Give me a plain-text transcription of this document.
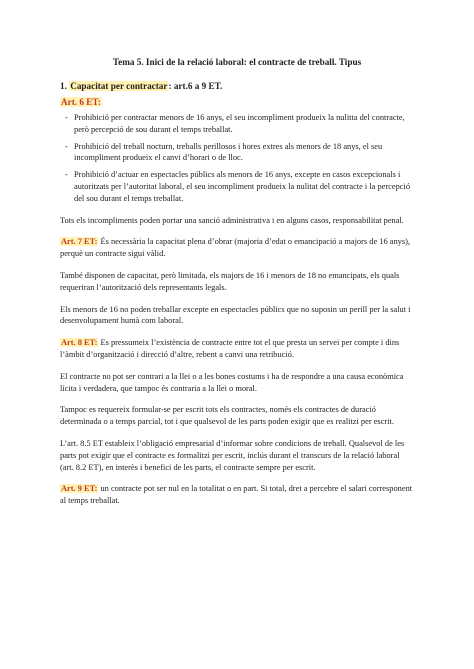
Tema 5. Inici de la relació laboral: el contracte de treball. Tipus

1. Capacitat per contractar: art.6 a 9 ET.

Art. 6 ET:

- Prohibició per contractar menors de 16 anys, el seu incompliment produeix la nulitta del contracte, però percepció de sou durant el temps treballat.
- Prohibició del treball nocturn, treballs perillosos i hores extres als menors de 18 anys, el seu incompliment produeix el canvi d’horari o de lloc.
- Prohibició d’actuar en espectacles públics als menors de 16 anys, excepte en casos excepcionals i autoritzats per l’autoritat laboral, el seu incompliment produeix la nulitat del contracte i la percepció del sou durant el temps treballat.

Tots els incompliments poden portar una sanció administrativa i en alguns casos, responsabilitat penal.

Art. 7 ET: És necessària la capacitat plena d’obrar (majoria d’edat o emancipació a majors de 16 anys), perquè un contracte sigui vàlid.

També disponen de capacitat, però limitada, els majors de 16 i menors de 18 no emancipats, els quals requeriran l’autorització dels representants legals.

Els menors de 16 no poden treballar excepte en espectacles públics que no suposin un perill per la salut i desenvolupament humà com laboral.

Art. 8 ET: Es pressumeix l’existència de contracte entre tot el que presta un servei per compte i dins l’àmbit d’organització i direcció d’altre, rebent a canvi una retribució.

El contracte no pot ser contrari a la llei o a les bones costums i ha de respondre a una causa econòmica lícita i verdadera, que tampoc és contraria a la llei o moral.

Tampoc es requereix formular-se per escrit tots els contractes, només els contractes de duració determinada o a temps parcial, tot i que qualsevol de les parts poden exigir que es realitzi per escrit.

L’art. 8.5 ET estableix l’obligació empresarial d’informar sobre condicions de treball. Qualsevol de les parts pot exigir que el contracte es formalitzi per escrit, inclús durant el transcurs de la relació laboral (art. 8.2 ET), en interès i benefici de les parts, el contracte sempre per escrit.

Art. 9 ET: un contracte pot ser nul en la totalitat o en part. Si total, dret a percebre el salari corresponent al temps treballat.
